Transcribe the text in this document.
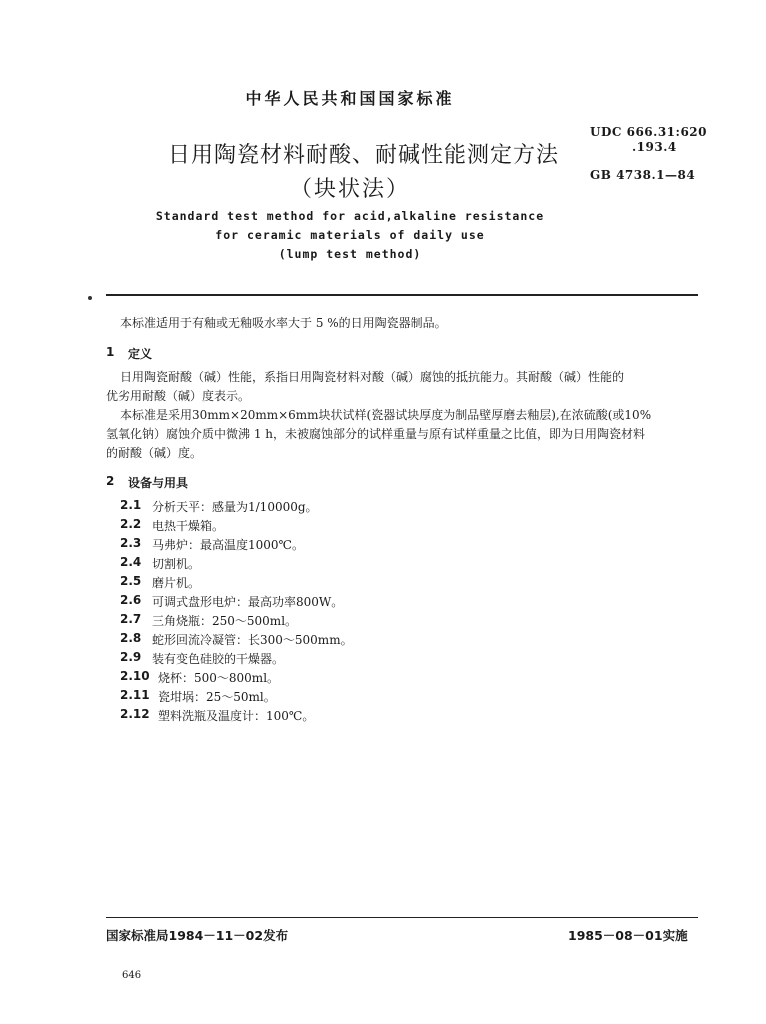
中华人民共和国国家标准
日用陶瓷材料耐酸、耐碱性能测定方法
（块状法）
UDC 666.31:620
.193.4
GB 4738.1—84
Standard test method for acid,alkaline resistance
for ceramic materials of daily use
(lump test method)
本标准适用于有釉或无釉吸水率大于 5 %的日用陶瓷器制品。
1 定义
日用陶瓷耐酸（碱）性能，系指日用陶瓷材料对酸（碱）腐蚀的抵抗能力。其耐酸（碱）性能的
优劣用耐酸（碱）度表示。
本标准是采用30mm×20mm×6mm块状试样(瓷器试块厚度为制品壁厚磨去釉层),在浓硫酸(或10%
氢氧化钠）腐蚀介质中微沸 1 h，未被腐蚀部分的试样重量与原有试样重量之比值，即为日用陶瓷材料
的耐酸（碱）度。
2 设备与用具
2.1 分析天平：感量为1/10000g。
2.2 电热干燥箱。
2.3 马弗炉：最高温度1000℃。
2.4 切割机。
2.5 磨片机。
2.6 可调式盘形电炉：最高功率800W。
2.7 三角烧瓶：250～500ml。
2.8 蛇形回流冷凝管：长300～500mm。
2.9 装有变色硅胶的干燥器。
2.10 烧杯：500～800ml。
2.11 瓷坩埚：25～50ml。
2.12 塑料洗瓶及温度计：100℃。
国家标准局1984－11－02发布	1985－08－01实施
646
